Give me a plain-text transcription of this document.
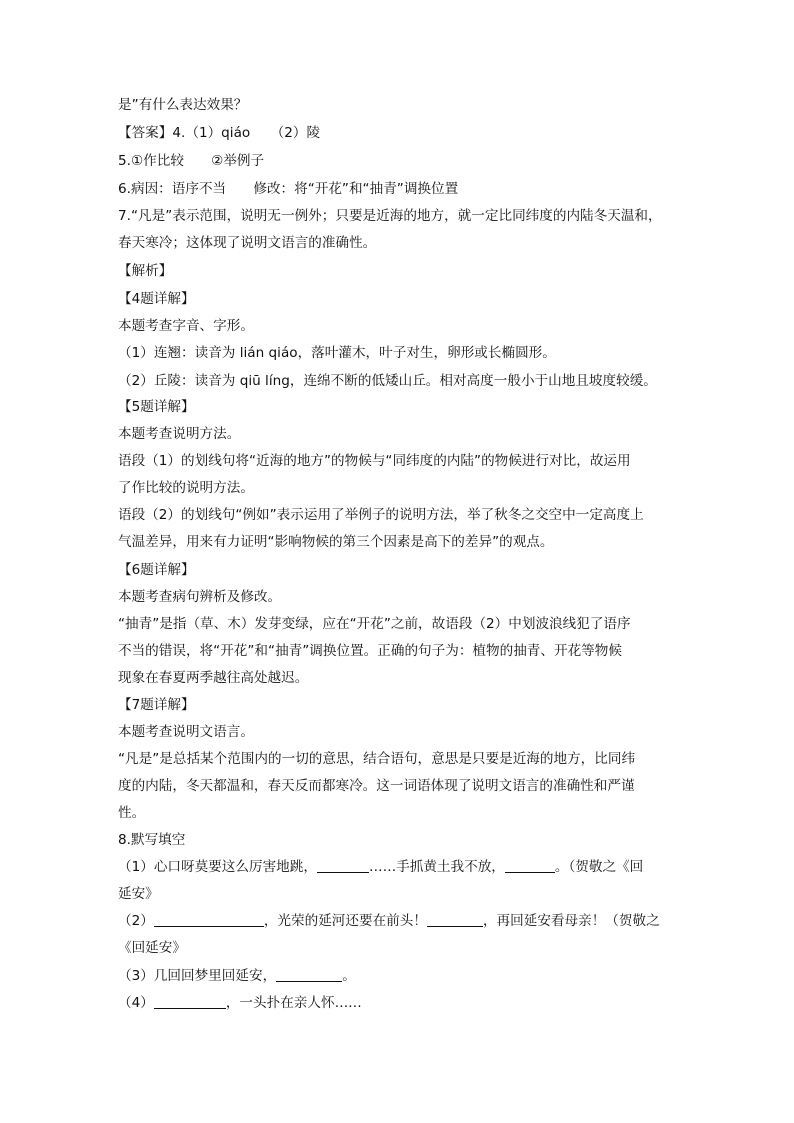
是”有什么表达效果？
【答案】4.（1）qiáo　　（2）陵
5.①作比较　　②举例子
6.病因：语序不当　　修改：将“开花”和“抽青”调换位置
7.“凡是”表示范围，说明无一例外；只要是近海的地方，就一定比同纬度的内陆冬天温和，
春天寒冷；这体现了说明文语言的准确性。
【解析】
【4题详解】
本题考查字音、字形。
（1）连翘：读音为 lián qiáo，落叶灌木，叶子对生，卵形或长椭圆形。
（2）丘陵：读音为 qiū líng，连绵不断的低矮山丘。相对高度一般小于山地且坡度较缓。
【5题详解】
本题考查说明方法。
语段（1）的划线句将“近海的地方”的物候与“同纬度的内陆”的物候进行对比，故运用
了作比较的说明方法。
语段（2）的划线句“例如”表示运用了举例子的说明方法，举了秋冬之交空中一定高度上
气温差异，用来有力证明“影响物候的第三个因素是高下的差异”的观点。
【6题详解】
本题考查病句辨析及修改。
“抽青”是指（草、木）发芽变绿，应在“开花”之前，故语段（2）中划波浪线犯了语序
不当的错误，将“开花”和“抽青”调换位置。正确的句子为：植物的抽青、开花等物候
现象在春夏两季越往高处越迟。
【7题详解】
本题考查说明文语言。
“凡是”是总括某个范围内的一切的意思，结合语句，意思是只要是近海的地方，比同纬
度的内陆，冬天都温和，春天反而都寒冷。这一词语体现了说明文语言的准确性和严谨
性。
8.默写填空
（1）心口呀莫要这么厉害地跳，	……手抓黄土我不放，	。（贺敬之《回
延安》
（2）	，光荣的延河还要在前头！	，再回延安看母亲！（贺敬之
《回延安》
（3）几回回梦里回延安，	。
（4）	，一头扑在亲人怀……
